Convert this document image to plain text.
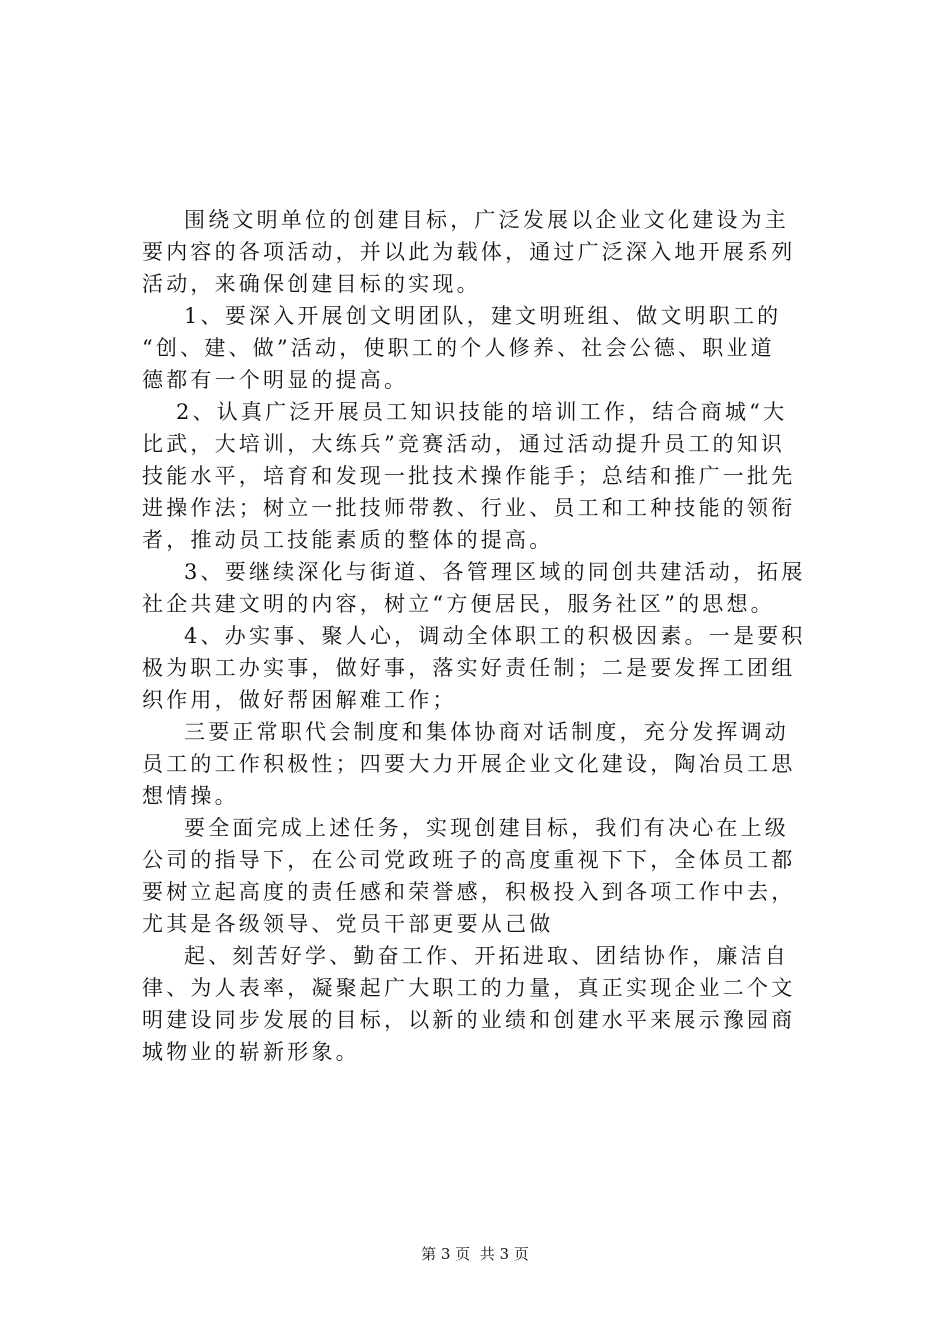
围绕文明单位的创建目标，广泛发展以企业文化建设为主
要内容的各项活动，并以此为载体，通过广泛深入地开展系列
活动，来确保创建目标的实现。
1、要深入开展创文明团队，建文明班组、做文明职工的
“创、建、做”活动，使职工的个人修养、社会公德、职业道
德都有一个明显的提高。
2、认真广泛开展员工知识技能的培训工作，结合商城“大
比武，大培训，大练兵”竞赛活动，通过活动提升员工的知识
技能水平，培育和发现一批技术操作能手；总结和推广一批先
进操作法；树立一批技师带教、行业、员工和工种技能的领衔
者，推动员工技能素质的整体的提高。
3、要继续深化与街道、各管理区域的同创共建活动，拓展
社企共建文明的内容，树立“方便居民，服务社区”的思想。
4、办实事、聚人心，调动全体职工的积极因素。一是要积
极为职工办实事，做好事，落实好责任制；二是要发挥工团组
织作用，做好帮困解难工作；
三要正常职代会制度和集体协商对话制度，充分发挥调动
员工的工作积极性；四要大力开展企业文化建设，陶冶员工思
想情操。
要全面完成上述任务，实现创建目标，我们有决心在上级
公司的指导下，在公司党政班子的高度重视下下，全体员工都
要树立起高度的责任感和荣誉感，积极投入到各项工作中去，
尤其是各级领导、党员干部更要从己做
起、刻苦好学、勤奋工作、开拓进取、团结协作，廉洁自
律、为人表率，凝聚起广大职工的力量，真正实现企业二个文
明建设同步发展的目标，以新的业绩和创建水平来展示豫园商
城物业的崭新形象。
第 3 页  共 3 页
